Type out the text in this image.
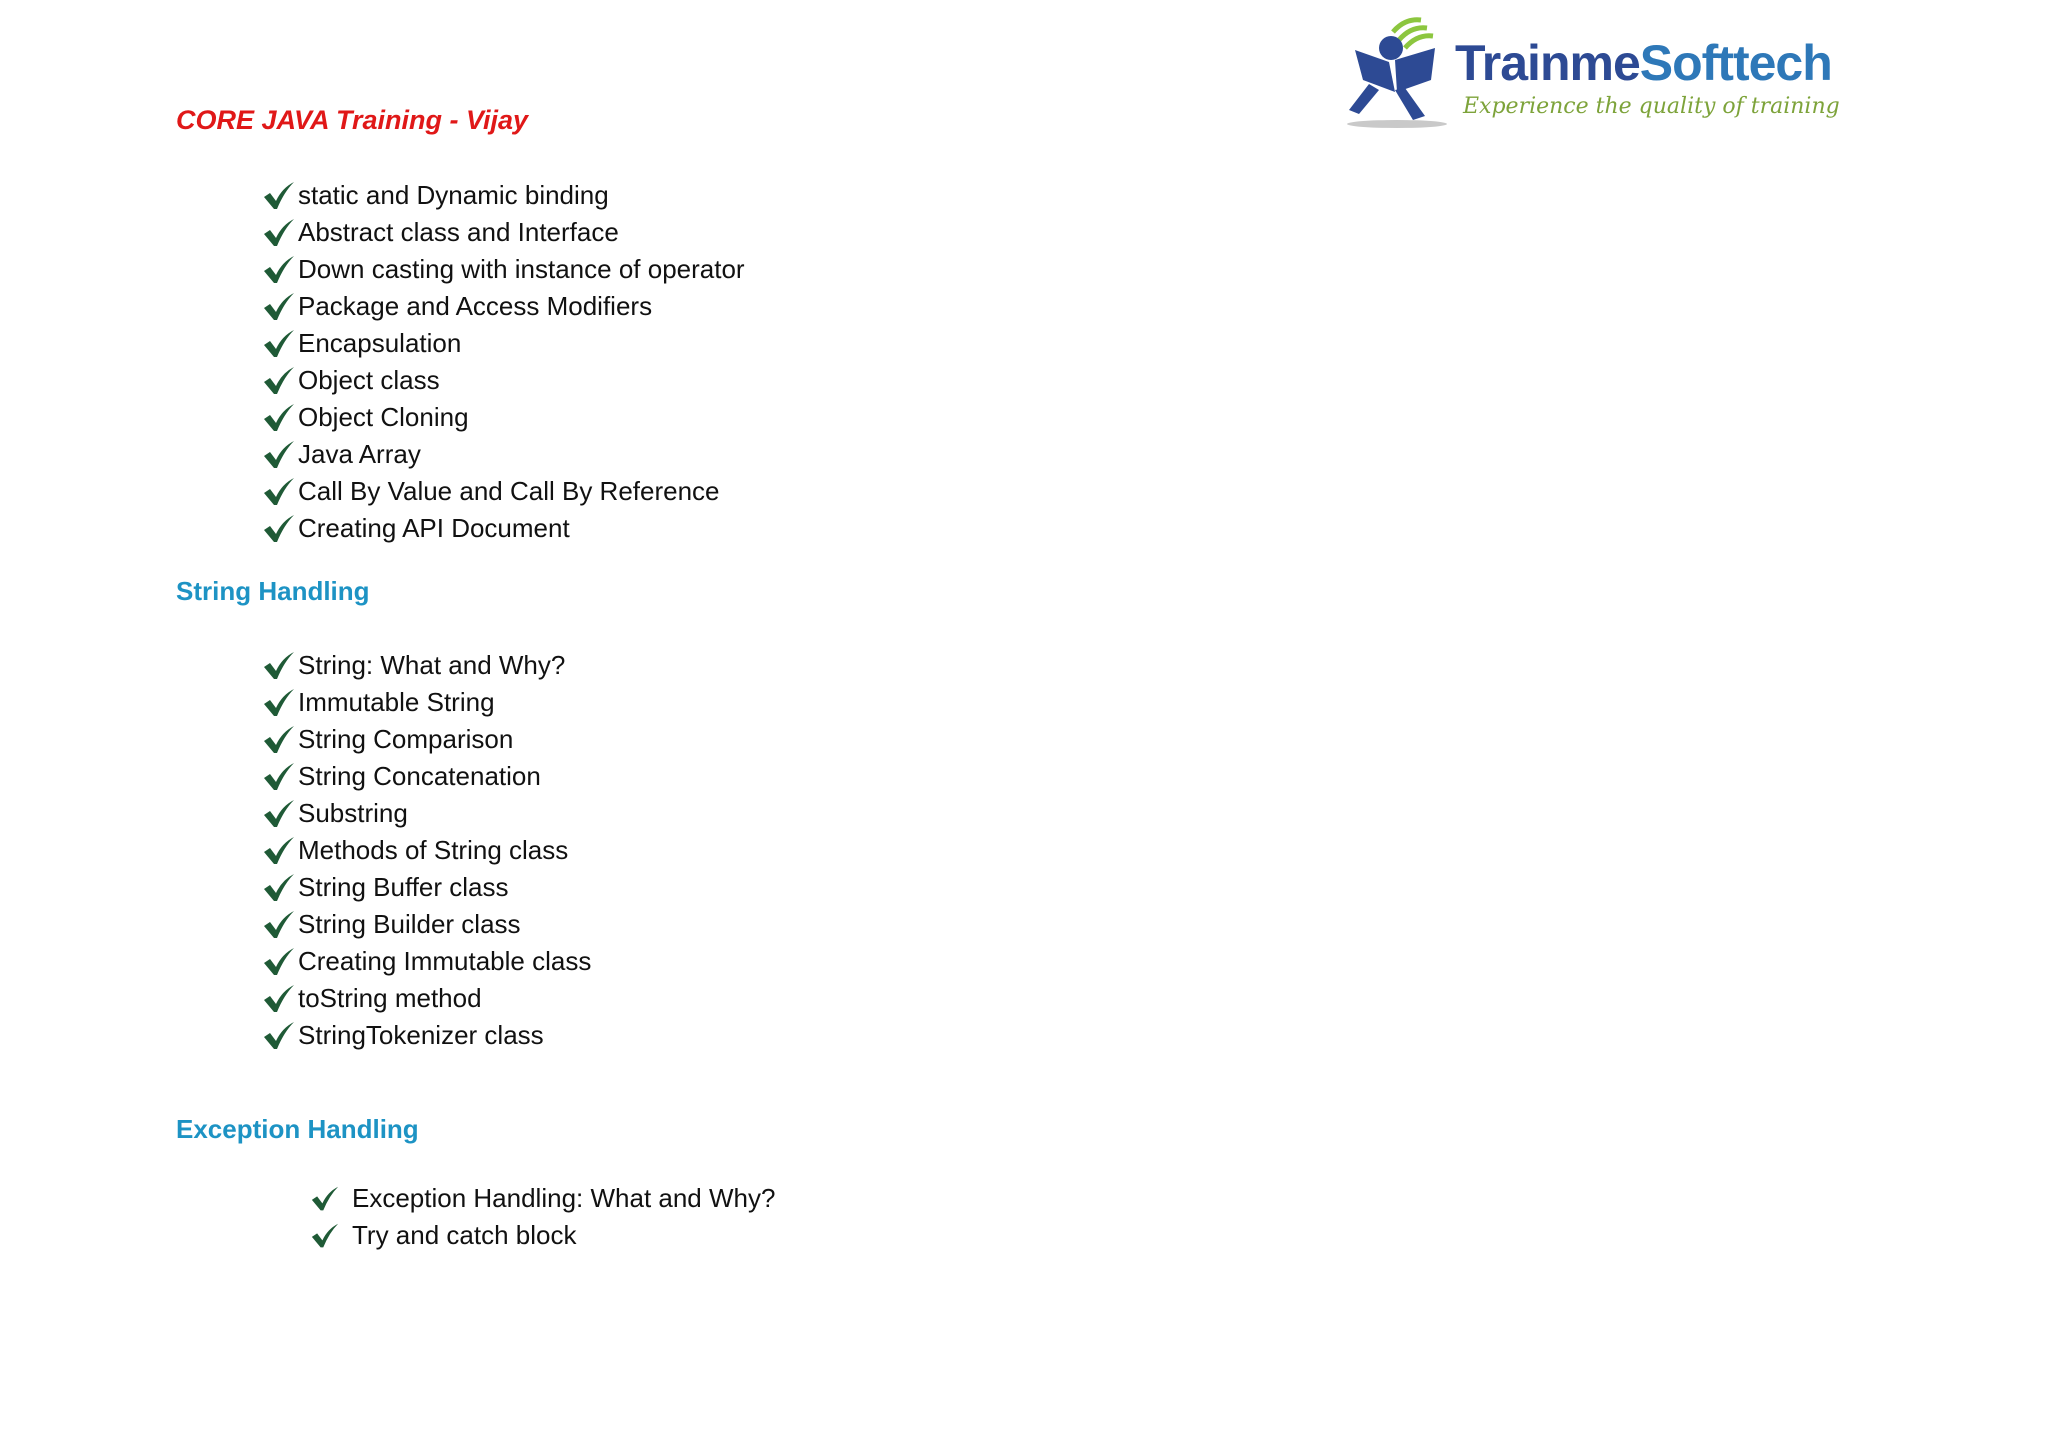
TrainmeSofttech
Experience the quality of training
CORE JAVA Training - Vijay
static and Dynamic binding
Abstract class and Interface
Down casting with instance of operator
Package and Access Modifiers
Encapsulation
Object class
Object Cloning
Java Array
Call By Value and Call By Reference
Creating API Document
String Handling
String: What and Why?
Immutable String
String Comparison
String Concatenation
Substring
Methods of String class
String Buffer class
String Builder class
Creating Immutable class
toString method
StringTokenizer class
Exception Handling
Exception Handling: What and Why?
Try and catch block
